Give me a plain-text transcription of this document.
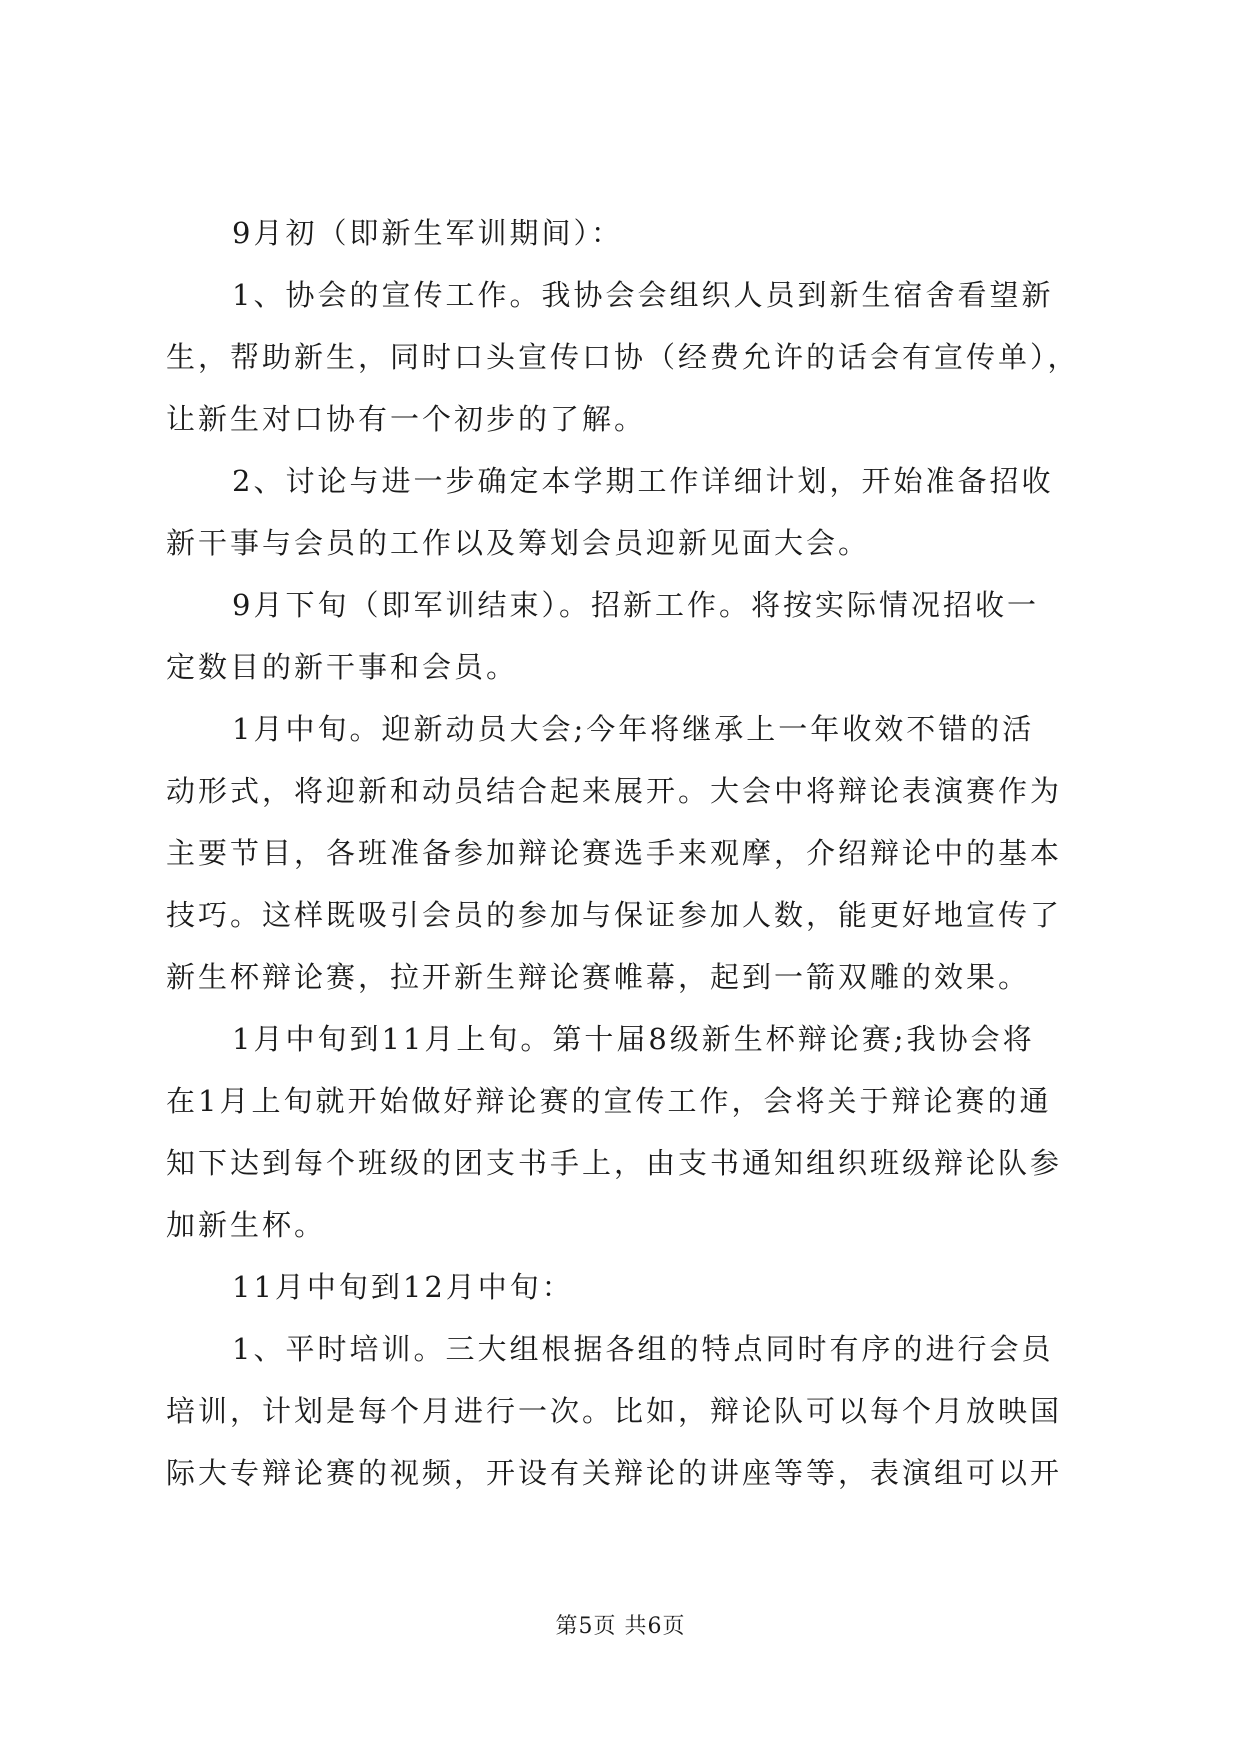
9月初（即新生军训期间）：
1、协会的宣传工作。我协会会组织人员到新生宿舍看望新
生，帮助新生，同时口头宣传口协（经费允许的话会有宣传单），
让新生对口协有一个初步的了解。
2、讨论与进一步确定本学期工作详细计划，开始准备招收
新干事与会员的工作以及筹划会员迎新见面大会。
9月下旬（即军训结束）。招新工作。将按实际情况招收一
定数目的新干事和会员。
1月中旬。迎新动员大会;今年将继承上一年收效不错的活
动形式，将迎新和动员结合起来展开。大会中将辩论表演赛作为
主要节目，各班准备参加辩论赛选手来观摩，介绍辩论中的基本
技巧。这样既吸引会员的参加与保证参加人数，能更好地宣传了
新生杯辩论赛，拉开新生辩论赛帷幕，起到一箭双雕的效果。
1月中旬到11月上旬。第十届8级新生杯辩论赛;我协会将
在1月上旬就开始做好辩论赛的宣传工作，会将关于辩论赛的通
知下达到每个班级的团支书手上，由支书通知组织班级辩论队参
加新生杯。
11月中旬到12月中旬：
1、平时培训。三大组根据各组的特点同时有序的进行会员
培训，计划是每个月进行一次。比如，辩论队可以每个月放映国
际大专辩论赛的视频，开设有关辩论的讲座等等，表演组可以开
第5页 共6页
